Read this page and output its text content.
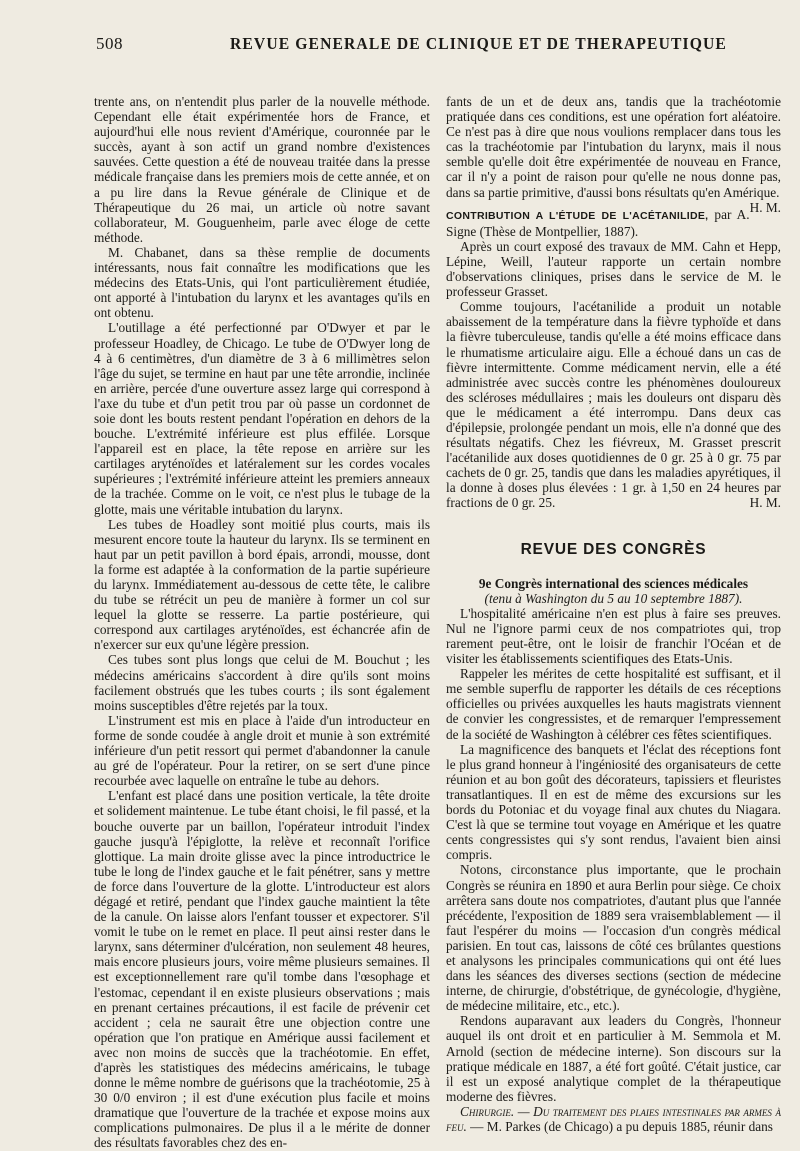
508	REVUE GENERALE DE CLINIQUE ET DE THERAPEUTIQUE

trente ans, on n'entendit plus parler de la nouvelle méthode. Cependant elle était expérimentée hors de France, et aujourd'hui elle nous revient d'Amérique, couronnée par le succès, ayant à son actif un grand nombre d'existences sauvées. Cette question a été de nouveau traitée dans la presse médicale française dans les premiers mois de cette année, et on a pu lire dans la Revue générale de Clinique et de Thérapeutique du 26 mai, un article où notre savant collaborateur, M. Gouguenheim, parle avec éloge de cette méthode.

M. Chabanet, dans sa thèse remplie de documents intéressants, nous fait connaître les modifications que les médecins des Etats-Unis, qui l'ont particulièrement étudiée, ont apporté à l'intubation du larynx et les avantages qu'ils en ont obtenu.

L'outillage a été perfectionné par O'Dwyer et par le professeur Hoadley, de Chicago. Le tube de O'Dwyer long de 4 à 6 centimètres, d'un diamètre de 3 à 6 millimètres selon l'âge du sujet, se termine en haut par une tête arrondie, inclinée en arrière, percée d'une ouverture assez large qui correspond à l'axe du tube et d'un petit trou par où passe un cordonnet de soie dont les bouts restent pendant l'opération en dehors de la bouche. L'extrémité inférieure est plus effilée. Lorsque l'appareil est en place, la tête repose en arrière sur les cartilages aryténoïdes et latéralement sur les cordes vocales supérieures ; l'extrémité inférieure atteint les premiers anneaux de la trachée. Comme on le voit, ce n'est plus le tubage de la glotte, mais une véritable intubation du larynx.

Les tubes de Hoadley sont moitié plus courts, mais ils mesurent encore toute la hauteur du larynx. Ils se terminent en haut par un petit pavillon à bord épais, arrondi, mousse, dont la forme est adaptée à la conformation de la partie supérieure du larynx. Immédiatement au-dessous de cette tête, le calibre du tube se rétrécit un peu de manière à former un col sur lequel la glotte se resserre. La partie postérieure, qui correspond aux cartilages aryténoïdes, est échancrée afin de n'exercer sur eux qu'une légère pression.

Ces tubes sont plus longs que celui de M. Bouchut ; les médecins américains s'accordent à dire qu'ils sont moins facilement obstrués que les tubes courts ; ils sont également moins susceptibles d'être rejetés par la toux.

L'instrument est mis en place à l'aide d'un introducteur en forme de sonde coudée à angle droit et munie à son extrémité inférieure d'un petit ressort qui permet d'abandonner la canule au gré de l'opérateur. Pour la retirer, on se sert d'une pince recourbée avec laquelle on entraîne le tube au dehors.

L'enfant est placé dans une position verticale, la tête droite et solidement maintenue. Le tube étant choisi, le fil passé, et la bouche ouverte par un baillon, l'opérateur introduit l'index gauche jusqu'à l'épiglotte, la relève et reconnaît l'orifice glottique. La main droite glisse avec la pince introductrice le tube le long de l'index gauche et le fait pénétrer, sans y mettre de force dans l'ouverture de la glotte. L'introducteur est alors dégagé et retiré, pendant que l'index gauche maintient la tête de la canule. On laisse alors l'enfant tousser et expectorer. S'il vomit le tube on le remet en place. Il peut ainsi rester dans le larynx, sans déterminer d'ulcération, non seulement 48 heures, mais encore plusieurs jours, voire même plusieurs semaines. Il est exceptionnellement rare qu'il tombe dans l'œsophage et l'estomac, cependant il en existe plusieurs observations ; mais en prenant certaines précautions, il est facile de prévenir cet accident ; cela ne saurait être une objection contre une opération que l'on pratique en Amérique aussi facilement et avec non moins de succès que la trachéotomie. En effet, d'après les statistiques des médecins américains, le tubage donne le même nombre de guérisons que la trachéotomie, 25 à 30 0/0 environ ; il est d'une exécution plus facile et moins dramatique que l'ouverture de la trachée et expose moins aux complications pulmonaires. De plus il a le mérite de donner des résultats favorables chez des en-

fants de un et de deux ans, tandis que la trachéotomie pratiquée dans ces conditions, est une opération fort aléatoire. Ce n'est pas à dire que nous voulions remplacer dans tous les cas la trachéotomie par l'intubation du larynx, mais il nous semble qu'elle doit être expérimentée de nouveau en France, car il n'y a point de raison pour qu'elle ne nous donne pas, dans sa partie primitive, d'aussi bons résultats qu'en Amérique.
H. M.

CONTRIBUTION A L'ÉTUDE DE L'ACÉTANILIDE, par A. Signe (Thèse de Montpellier, 1887).

Après un court exposé des travaux de MM. Cahn et Hepp, Lépine, Weill, l'auteur rapporte un certain nombre d'observations cliniques, prises dans le service de M. le professeur Grasset.

Comme toujours, l'acétanilide a produit un notable abaissement de la température dans la fièvre typhoïde et dans la fièvre tuberculeuse, tandis qu'elle a été moins efficace dans le rhumatisme articulaire aigu. Elle a échoué dans un cas de fièvre intermittente. Comme médicament nervin, elle a été administrée avec succès contre les phénomènes douloureux des scléroses médullaires ; mais les douleurs ont disparu dès que le médicament a été interrompu. Dans deux cas d'épilepsie, prolongée pendant un mois, elle n'a donné que des résultats négatifs. Chez les fiévreux, M. Grasset prescrit l'acétanilide aux doses quotidiennes de 0 gr. 25 à 0 gr. 75 par cachets de 0 gr. 25, tandis que dans les maladies apyrétiques, il la donne à doses plus élevées : 1 gr. à 1,50 en 24 heures par fractions de 0 gr. 25.	H. M.

REVUE DES CONGRÈS

9e Congrès international des sciences médicales

(tenu à Washington du 5 au 10 septembre 1887).

L'hospitalité américaine n'en est plus à faire ses preuves. Nul ne l'ignore parmi ceux de nos compatriotes qui, trop rarement peut-être, ont le loisir de franchir l'Océan et de visiter les établissements scientifiques des Etats-Unis.

Rappeler les mérites de cette hospitalité est suffisant, et il me semble superflu de rapporter les détails de ces réceptions officielles ou privées auxquelles les hauts magistrats viennent de convier les congressistes, et de remarquer l'empressement de la société de Washington à célébrer ces fêtes scientifiques.

La magnificence des banquets et l'éclat des réceptions font le plus grand honneur à l'ingéniosité des organisateurs de cette réunion et au bon goût des décorateurs, tapissiers et fleuristes transatlantiques. Il en est de même des excursions sur les bords du Potoniac et du voyage final aux chutes du Niagara. C'est là que se termine tout voyage en Amérique et les quatre cents congressistes qui s'y sont rendus, l'avaient bien ainsi compris.

Notons, circonstance plus importante, que le prochain Congrès se réunira en 1890 et aura Berlin pour siège. Ce choix arrêtera sans doute nos compatriotes, d'autant plus que l'année précédente, l'exposition de 1889 sera vraisemblablement — il faut l'espérer du moins — l'occasion d'un congrès médical parisien. En tout cas, laissons de côté ces brûlantes questions et analysons les principales communications qui ont été lues dans les séances des diverses sections (section de médecine interne, de chirurgie, d'obstétrique, de gynécologie, d'hygiène, de médecine militaire, etc., etc.).

Rendons auparavant aux leaders du Congrès, l'honneur auquel ils ont droit et en particulier à M. Semmola et M. Arnold (section de médecine interne). Son discours sur la pratique médicale en 1887, a été fort goûté. C'était justice, car il est un exposé analytique complet de la thérapeutique moderne des fièvres.

Chirurgie. — Du traitement des plaies intestinales par armes à feu. — M. Parkes (de Chicago) a pu depuis 1885, réunir dans
